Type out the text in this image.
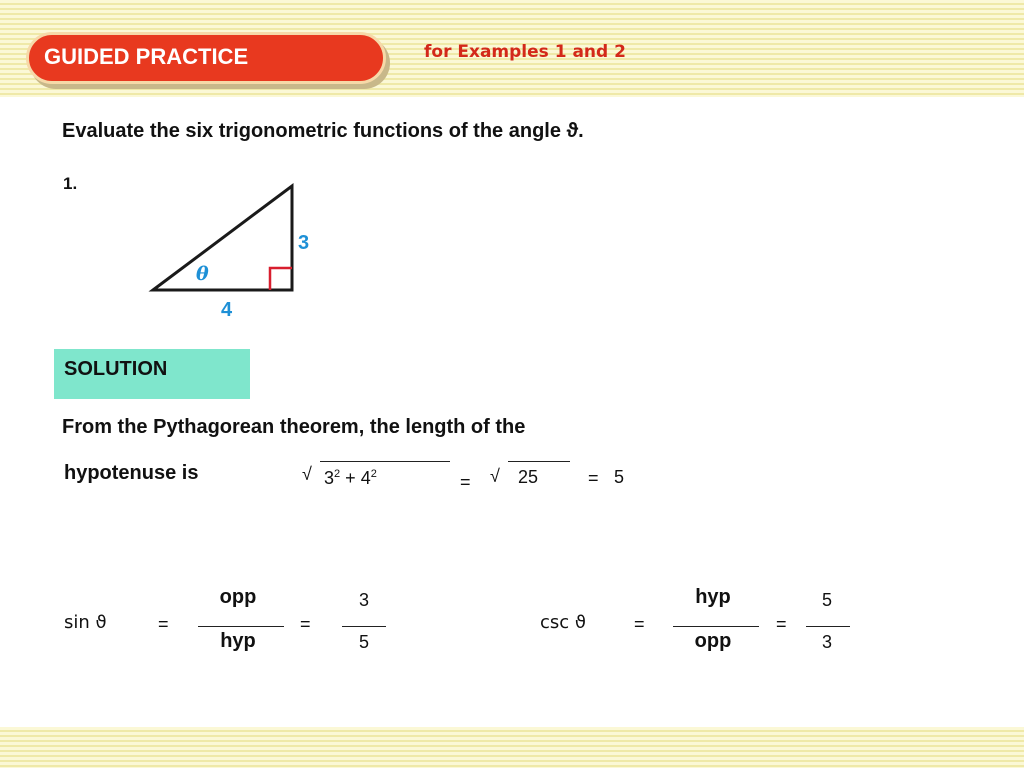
GUIDED PRACTICE	for Examples 1 and 2
Evaluate the six trigonometric functions of the angle ϑ.
1.
θ
3
4
SOLUTION
From the Pythagorean theorem, the length of the
hypotenuse is	√ $3^2 + 4^2$	= √ 25	= 5
sin ϑ	=
opp
hyp
=
3
5
csc ϑ	=
hyp
opp
=
5
3
